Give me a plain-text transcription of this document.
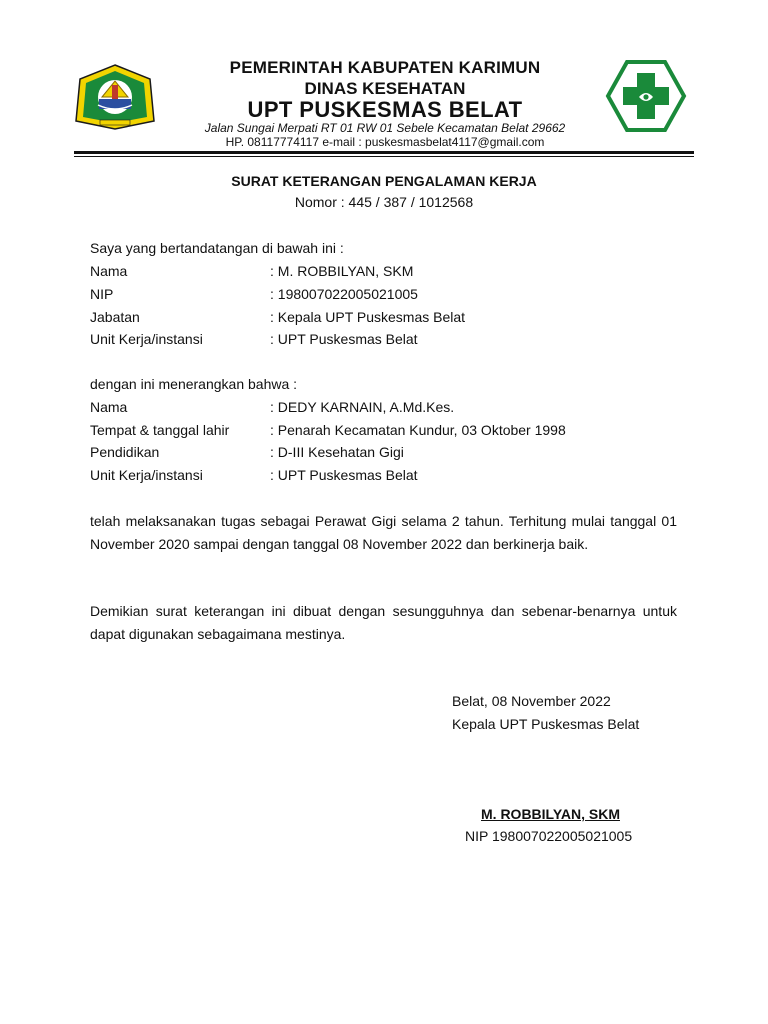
PEMERINTAH KABUPATEN KARIMUN
DINAS KESEHATAN
UPT PUSKESMAS BELAT
Jalan Sungai Merpati RT 01 RW 01 Sebele Kecamatan Belat 29662
HP. 08117774117 e-mail : puskesmasbelat4117@gmail.com
SURAT KETERANGAN PENGALAMAN KERJA
Nomor : 445 / 387 / 1012568
Saya yang bertandatangan di bawah ini :
Nama	: M. ROBBILYAN, SKM
NIP	: 198007022005021005
Jabatan	: Kepala UPT Puskesmas Belat
Unit Kerja/instansi	: UPT Puskesmas Belat
dengan ini menerangkan bahwa :
Nama	: DEDY KARNAIN, A.Md.Kes.
Tempat & tanggal lahir	: Penarah Kecamatan Kundur, 03 Oktober 1998
Pendidikan	: D-III Kesehatan Gigi
Unit Kerja/instansi	: UPT Puskesmas Belat
telah melaksanakan tugas sebagai Perawat Gigi selama 2 tahun. Terhitung mulai tanggal 01 November 2020 sampai dengan tanggal 08 November 2022 dan berkinerja baik.
Demikian surat keterangan ini dibuat dengan sesungguhnya dan sebenar-benarnya untuk dapat digunakan sebagaimana mestinya.
Belat, 08 November 2022
Kepala UPT Puskesmas Belat
M. ROBBILYAN, SKM
NIP 198007022005021005
